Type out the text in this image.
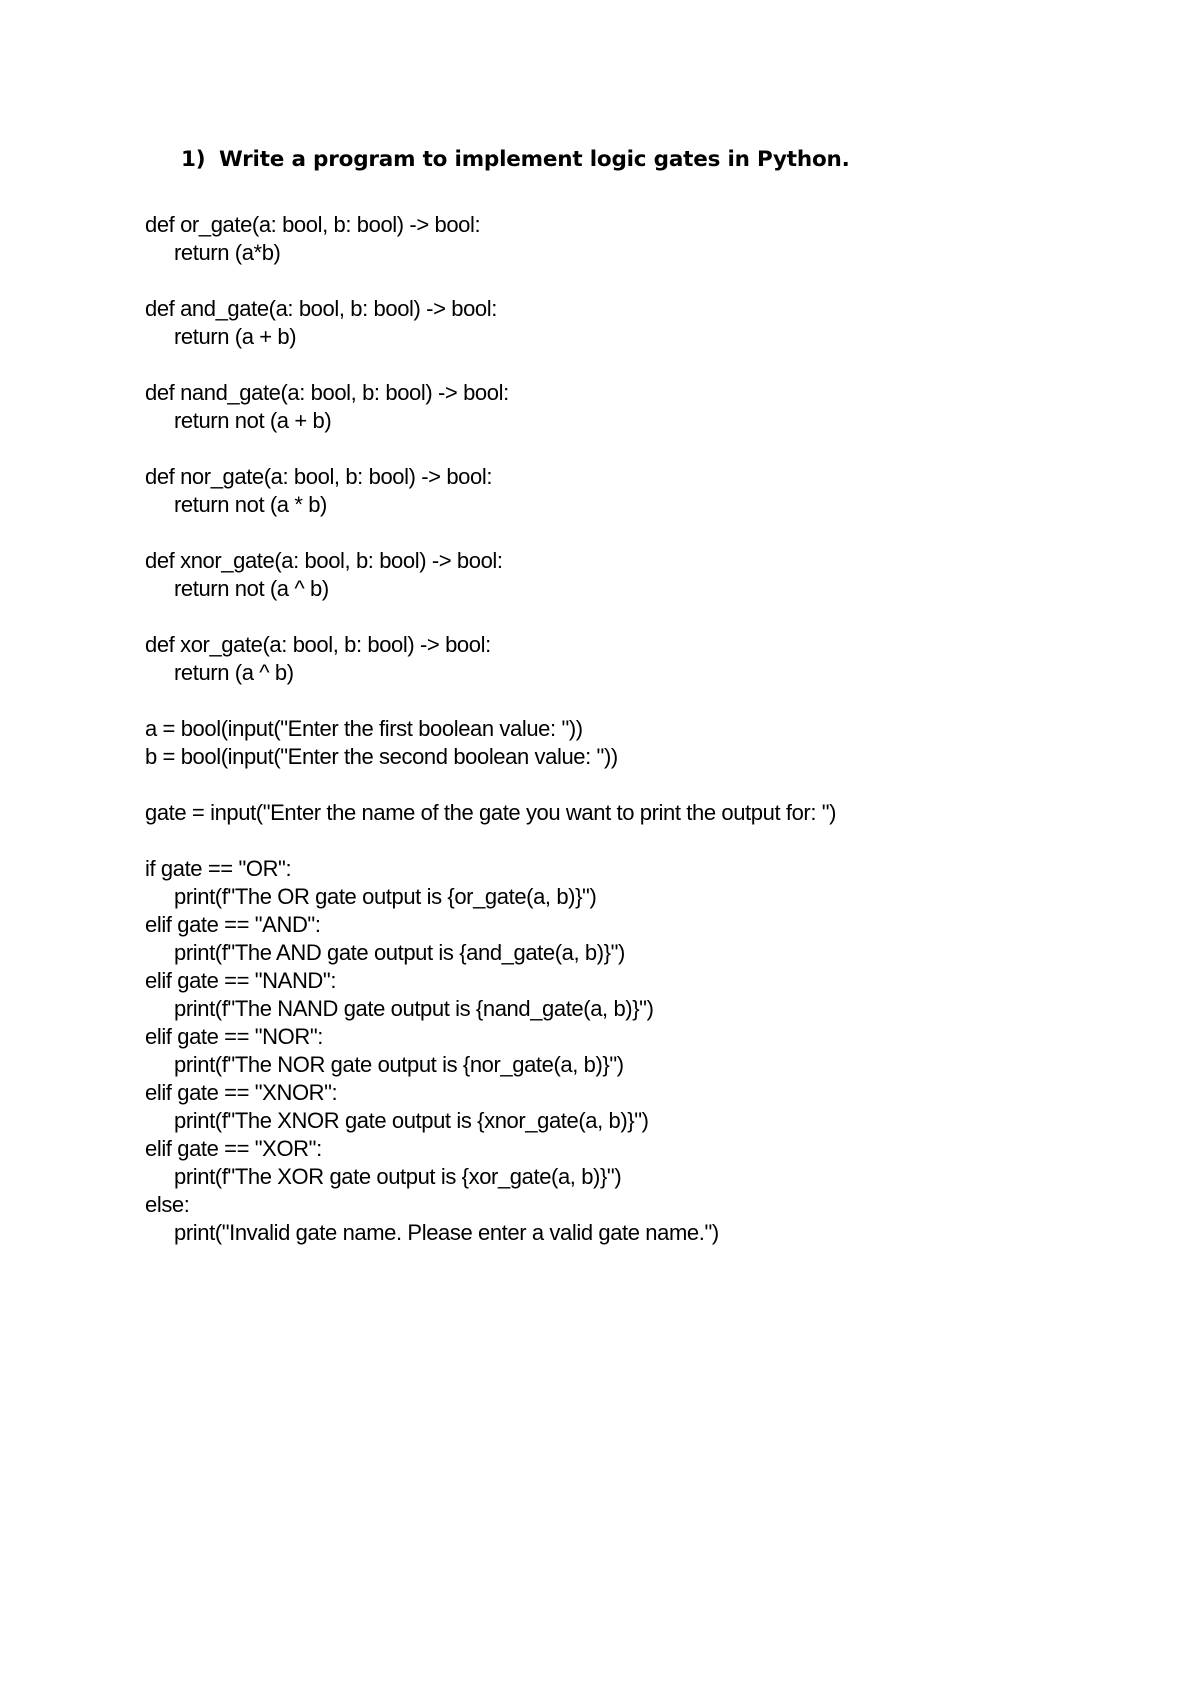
1) Write a program to implement logic gates in Python.
def or_gate(a: bool, b: bool) -> bool:
return (a*b)
def and_gate(a: bool, b: bool) -> bool:
return (a + b)
def nand_gate(a: bool, b: bool) -> bool:
return not (a + b)
def nor_gate(a: bool, b: bool) -> bool:
return not (a * b)
def xnor_gate(a: bool, b: bool) -> bool:
return not (a ^ b)
def xor_gate(a: bool, b: bool) -> bool:
return (a ^ b)
a = bool(input("Enter the first boolean value: "))
b = bool(input("Enter the second boolean value: "))
gate = input("Enter the name of the gate you want to print the output for: ")
if gate == "OR":
print(f"The OR gate output is {or_gate(a, b)}")
elif gate == "AND":
print(f"The AND gate output is {and_gate(a, b)}")
elif gate == "NAND":
print(f"The NAND gate output is {nand_gate(a, b)}")
elif gate == "NOR":
print(f"The NOR gate output is {nor_gate(a, b)}")
elif gate == "XNOR":
print(f"The XNOR gate output is {xnor_gate(a, b)}")
elif gate == "XOR":
print(f"The XOR gate output is {xor_gate(a, b)}")
else:
print("Invalid gate name. Please enter a valid gate name.")
